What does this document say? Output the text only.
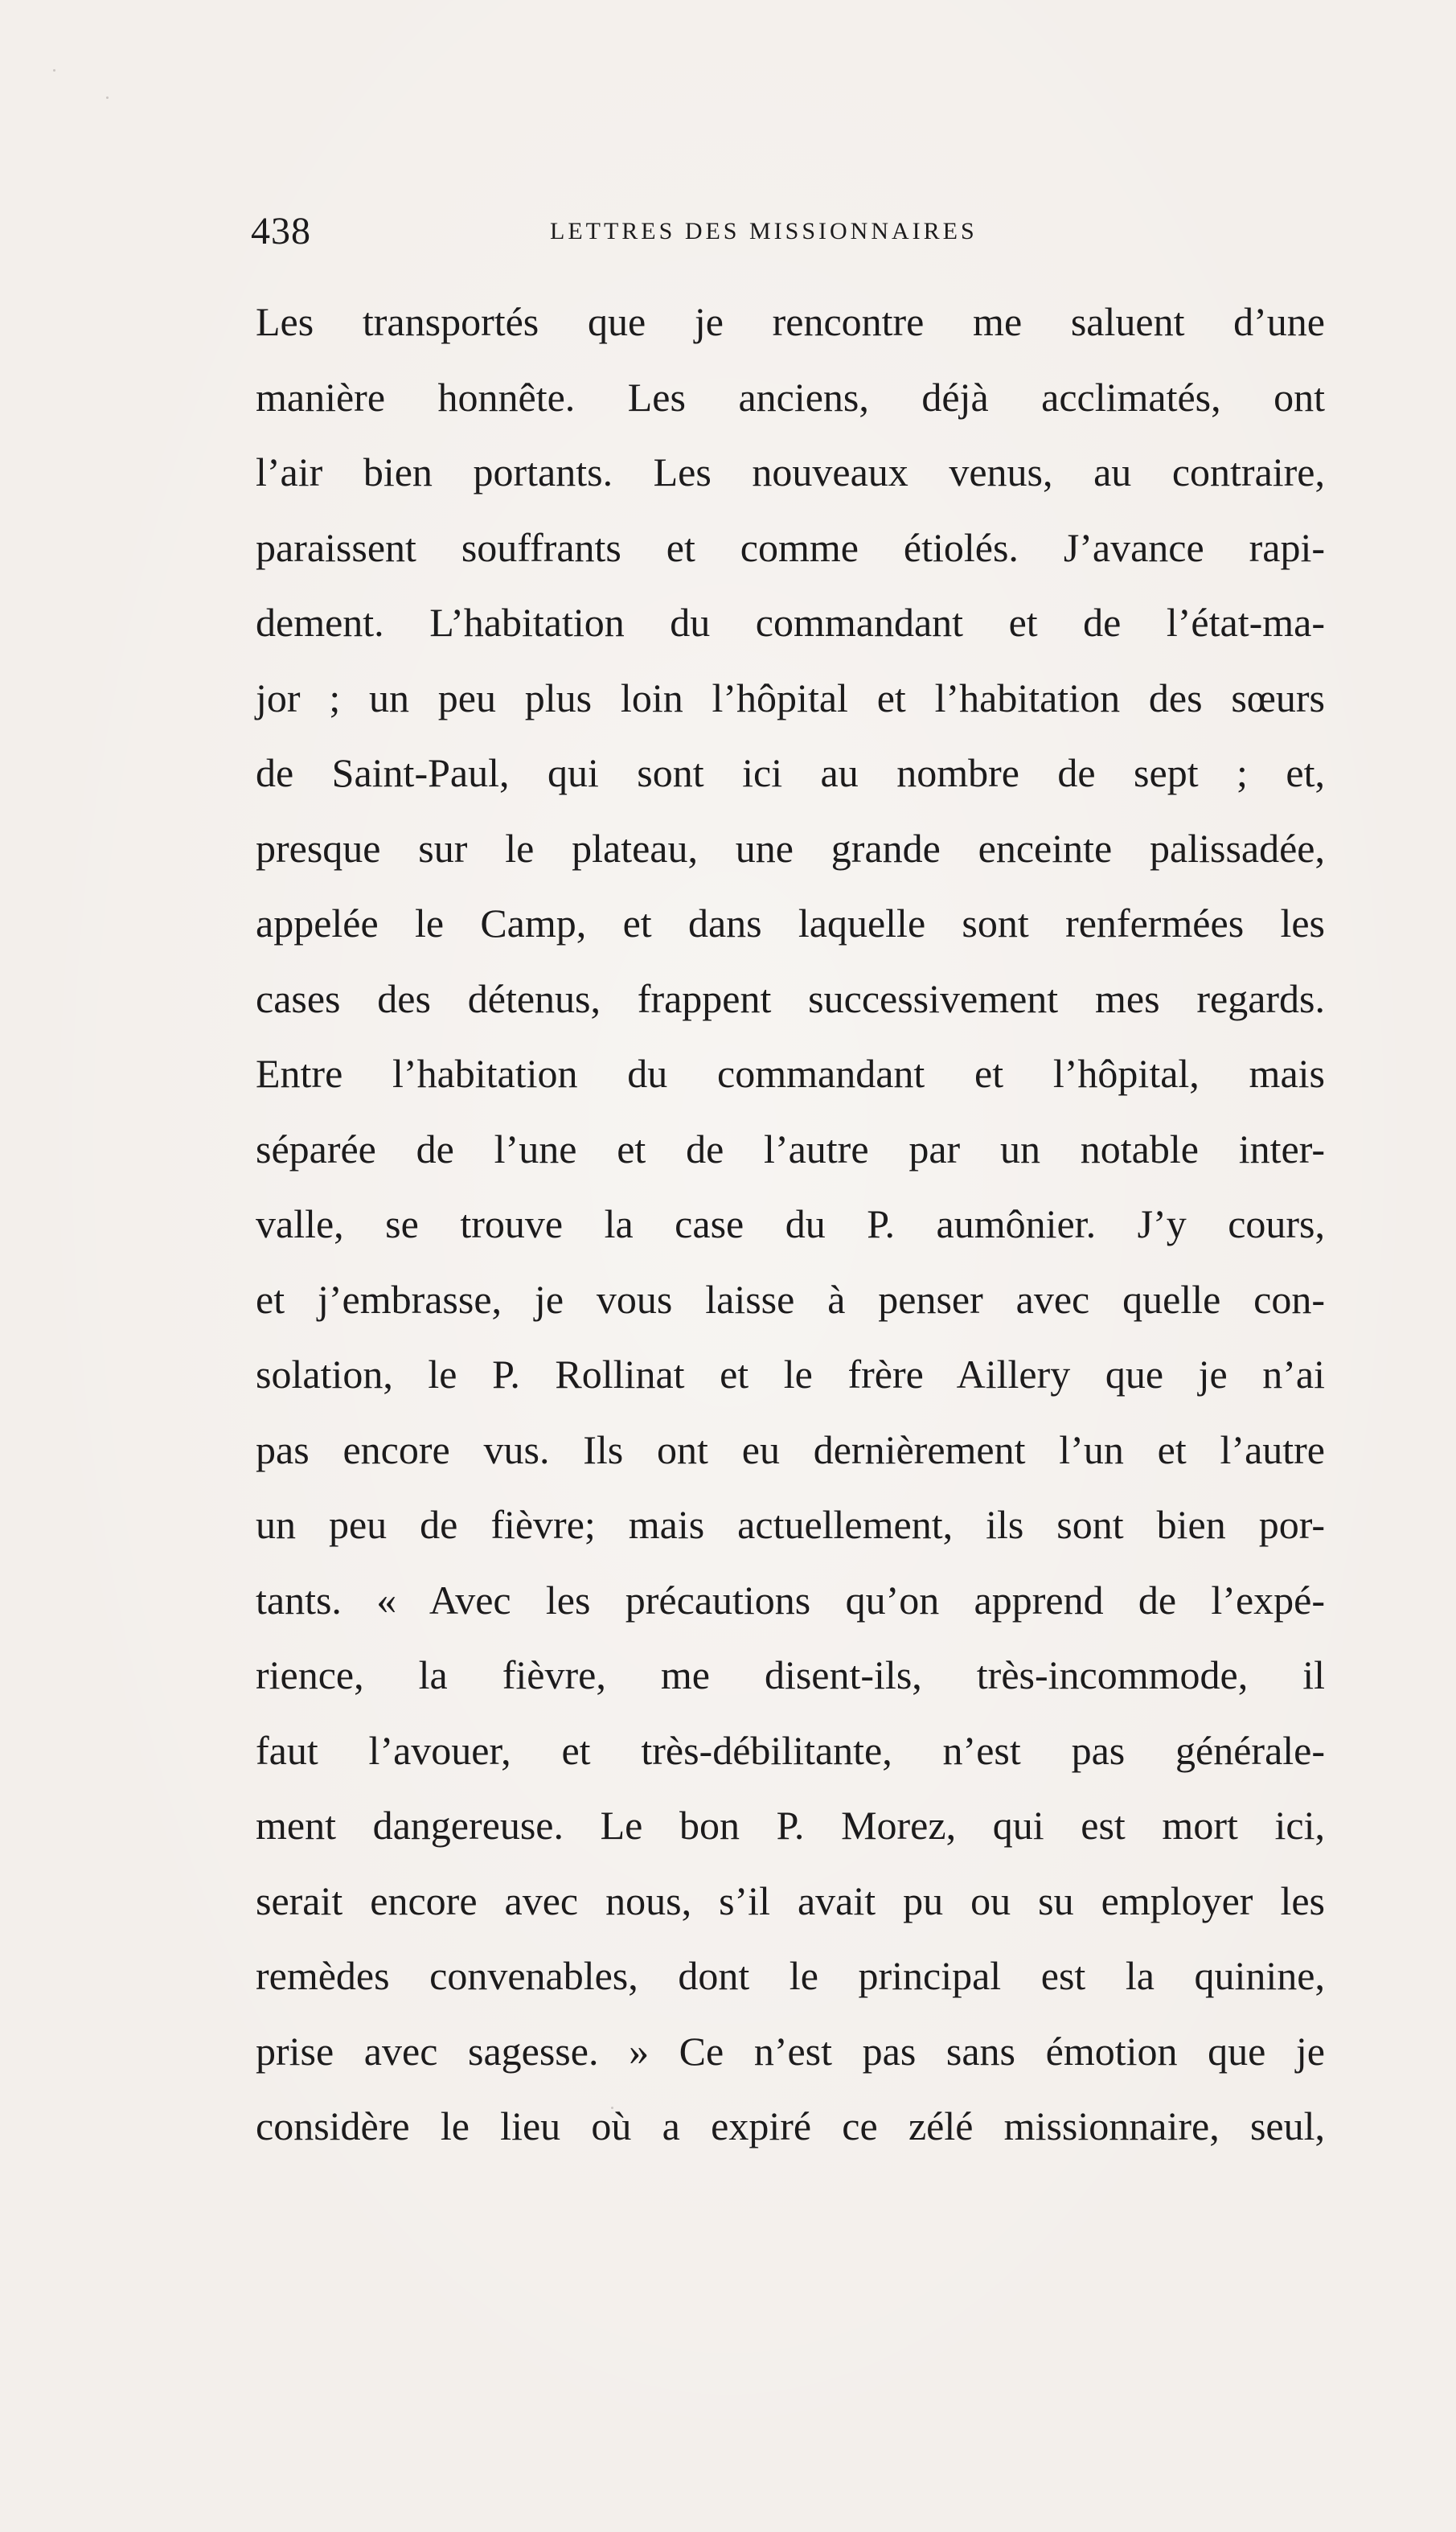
438	LETTRES DES MISSIONNAIRES
Les transportés que je rencontre me saluent d’une
manière honnête. Les anciens, déjà acclimatés, ont
l’air bien portants. Les nouveaux venus, au contraire,
paraissent souffrants et comme étiolés. J’avance rapi-
dement. L’habitation du commandant et de l’état-ma-
jor ; un peu plus loin l’hôpital et l’habitation des sœurs
de Saint-Paul, qui sont ici au nombre de sept ; et,
presque sur le plateau, une grande enceinte palissadée,
appelée le Camp, et dans laquelle sont renfermées les
cases des détenus, frappent successivement mes regards.
Entre l’habitation du commandant et l’hôpital, mais
séparée de l’une et de l’autre par un notable inter-
valle, se trouve la case du P. aumônier. J’y cours,
et j’embrasse, je vous laisse à penser avec quelle con-
solation, le P. Rollinat et le frère Aillery que je n’ai
pas encore vus. Ils ont eu dernièrement l’un et l’autre
un peu de fièvre; mais actuellement, ils sont bien por-
tants. « Avec les précautions qu’on apprend de l’expé-
rience, la fièvre, me disent-ils, très-incommode, il
faut l’avouer, et très-débilitante, n’est pas générale-
ment dangereuse. Le bon P. Morez, qui est mort ici,
serait encore avec nous, s’il avait pu ou su employer les
remèdes convenables, dont le principal est la quinine,
prise avec sagesse. » Ce n’est pas sans émotion que je
considère le lieu où a expiré ce zélé missionnaire, seul,
